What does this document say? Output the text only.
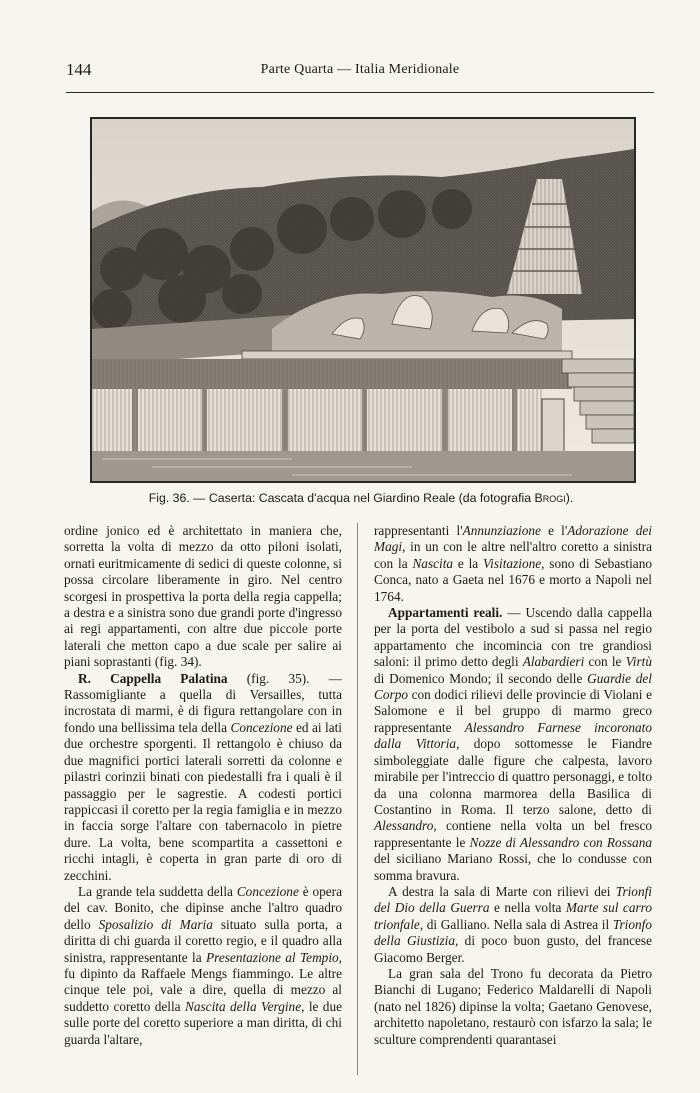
144	Parte Quarta — Italia Meridionale
Fig. 36. — Caserta: Cascata d'acqua nel Giardino Reale (da fotografia Brogi).

ordine jonico ed è architettato in maniera che, sorretta la volta di mezzo da otto piloni isolati, ornati euritmicamente di sedici di queste colonne, si possa circolare liberamente in giro. Nel centro scorgesi in prospettiva la porta della regia cappella; a destra e a sinistra sono due grandi porte d'ingresso ai regi appartamenti, con altre due piccole porte laterali che metton capo a due scale per salire ai piani soprastanti (fig. 34).

R. Cappella Palatina (fig. 35). — Rassomigliante a quella di Versailles, tutta incrostata di marmi, è di figura rettangolare con in fondo una bellissima tela della Concezione ed ai lati due orchestre sporgenti. Il rettangolo è chiuso da due magnifici portici laterali sorretti da colonne e pilastri corinzii binati con piedestalli fra i quali è il passaggio per le sagrestie. A codesti portici rappiccasi il coretto per la regia famiglia e in mezzo in faccia sorge l'altare con tabernacolo in pietre dure. La volta, bene scompartita a cassettoni e ricchi intagli, è coperta in gran parte di oro di zecchini.

La grande tela suddetta della Concezione è opera del cav. Bonito, che dipinse anche l'altro quadro dello Sposalizio di Maria situato sulla porta, a diritta di chi guarda il coretto regio, e il quadro alla sinistra, rappresentante la Presentazione al Tempio, fu dipinto da Raffaele Mengs fiammingo. Le altre cinque tele poi, vale a dire, quella di mezzo al suddetto coretto della Nascita della Vergine, le due sulle porte del coretto superiore a man diritta, di chi guarda l'altare,

rappresentanti l'Annunziazione e l'Adorazione dei Magi, in un con le altre nell'altro coretto a sinistra con la Nascita e la Visitazione, sono di Sebastiano Conca, nato a Gaeta nel 1676 e morto a Napoli nel 1764.

Appartamenti reali. — Uscendo dalla cappella per la porta del vestibolo a sud si passa nel regio appartamento che incomincia con tre grandiosi saloni: il primo detto degli Alabardieri con le Virtù di Domenico Mondo; il secondo delle Guardie del Corpo con dodici rilievi delle provincie di Violani e Salomone e il bel gruppo di marmo greco rappresentante Alessandro Farnese incoronato dalla Vittoria, dopo sottomesse le Fiandre simboleggiate dalle figure che calpesta, lavoro mirabile per l'intreccio di quattro personaggi, e tolto da una colonna marmorea della Basilica di Costantino in Roma. Il terzo salone, detto di Alessandro, contiene nella volta un bel fresco rappresentante le Nozze di Alessandro con Rossana del siciliano Mariano Rossi, che lo condusse con somma bravura.

A destra la sala di Marte con rilievi dei Trionfi del Dio della Guerra e nella volta Marte sul carro trionfale, di Galliano. Nella sala di Astrea il Trionfo della Giustizia, di poco buon gusto, del francese Giacomo Berger.

La gran sala del Trono fu decorata da Pietro Bianchi di Lugano; Federico Maldarelli di Napoli (nato nel 1826) dipinse la volta; Gaetano Genovese, architetto napoletano, restaurò con isfarzo la sala; le sculture comprendenti quarantasei
